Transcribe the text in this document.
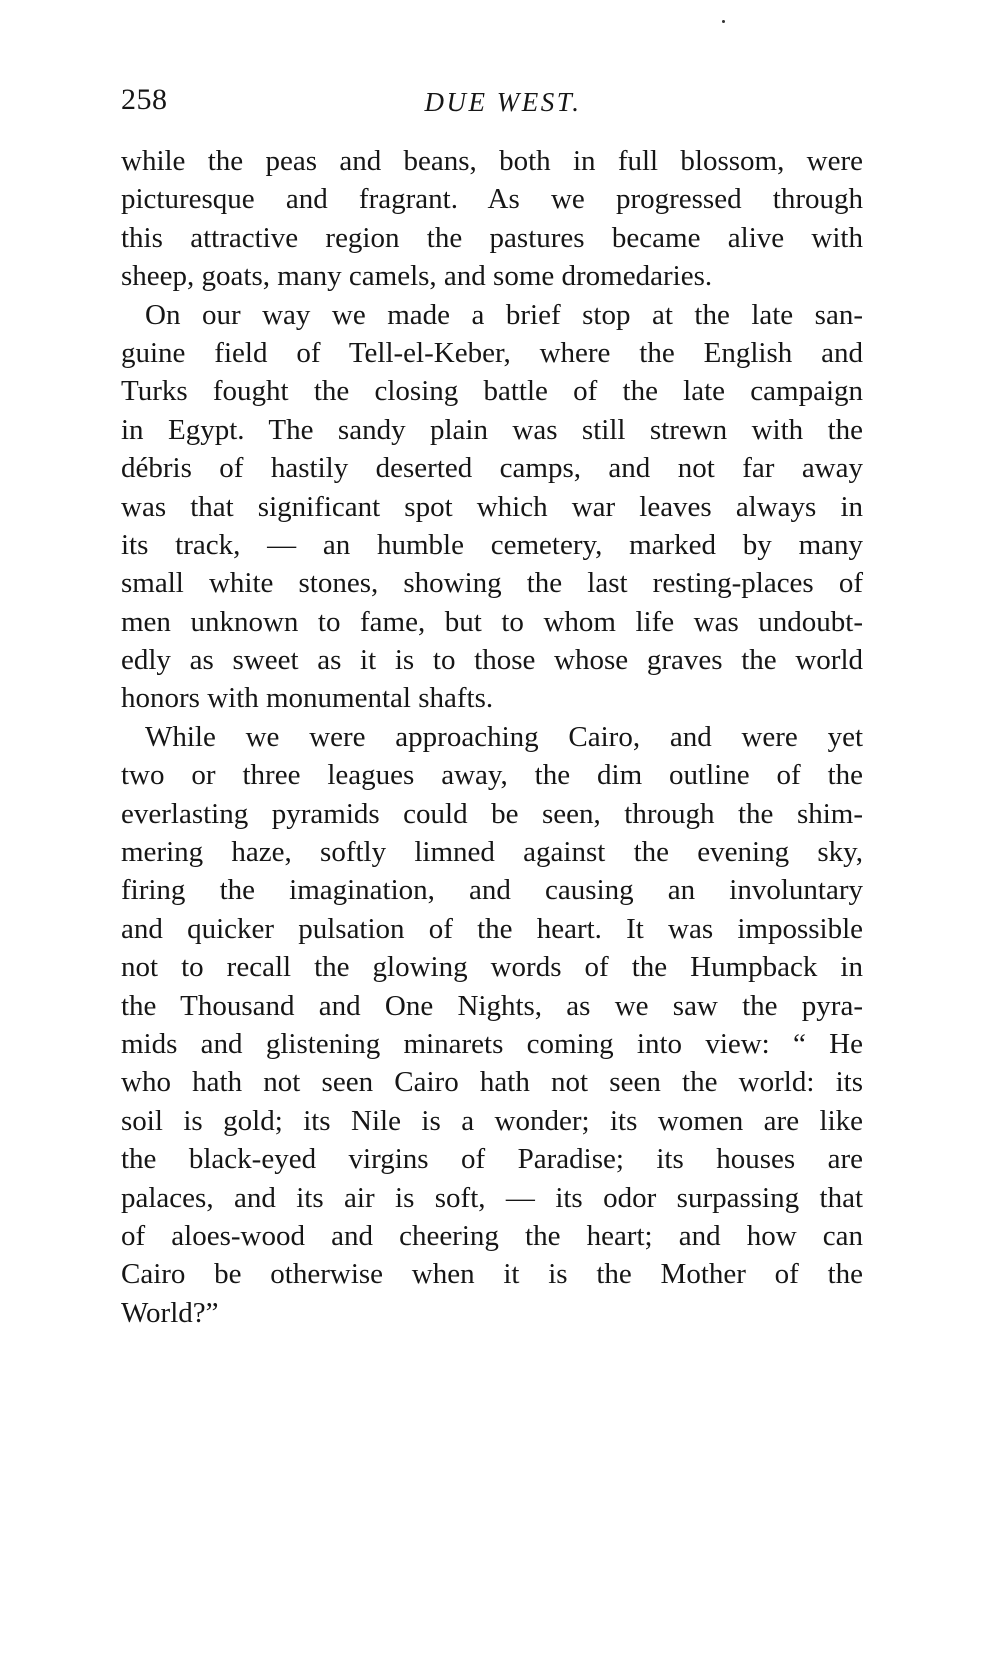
258	DUE WEST.
while the peas and beans, both in full blossom, were
picturesque and fragrant. As we progressed through
this attractive region the pastures became alive with
sheep, goats, many camels, and some dromedaries.
On our way we made a brief stop at the late san-
guine field of Tell-el-Keber, where the English and
Turks fought the closing battle of the late campaign
in Egypt. The sandy plain was still strewn with the
débris of hastily deserted camps, and not far away
was that significant spot which war leaves always in
its track, — an humble cemetery, marked by many
small white stones, showing the last resting-places of
men unknown to fame, but to whom life was undoubt-
edly as sweet as it is to those whose graves the world
honors with monumental shafts.
While we were approaching Cairo, and were yet
two or three leagues away, the dim outline of the
everlasting pyramids could be seen, through the shim-
mering haze, softly limned against the evening sky,
firing the imagination, and causing an involuntary
and quicker pulsation of the heart. It was impossible
not to recall the glowing words of the Humpback in
the Thousand and One Nights, as we saw the pyra-
mids and glistening minarets coming into view: “ He
who hath not seen Cairo hath not seen the world: its
soil is gold; its Nile is a wonder; its women are like
the black-eyed virgins of Paradise; its houses are
palaces, and its air is soft, — its odor surpassing that
of aloes-wood and cheering the heart; and how can
Cairo be otherwise when it is the Mother of the
World?”
